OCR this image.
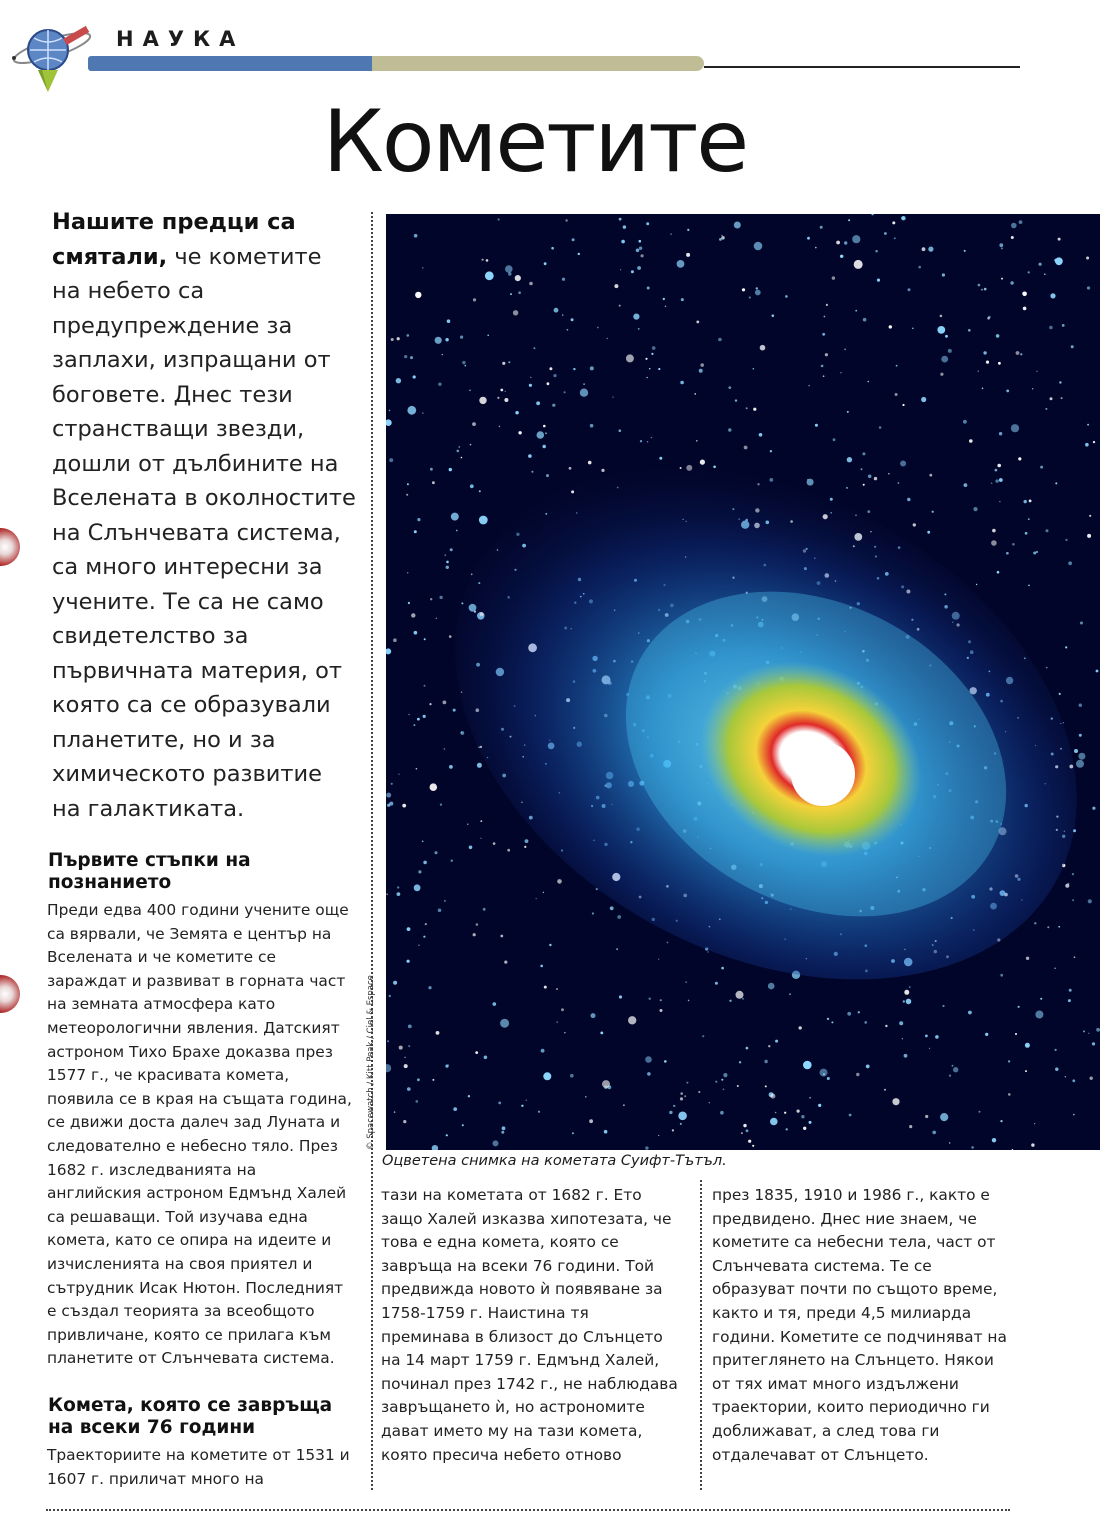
НАУКА
Кометите
Нашите предци са смятали, че кометите на небето са предупреждение за заплахи, изпращани от боговете. Днес тези странстващи звезди, дошли от дълбините на Вселената в околностите на Слънчевата система, са много интересни за учените. Те са не само свидетелство за първичната материя, от която са се образували планетите, но и за химическото развитие на галактиката.
Първите стъпки на познанието
Преди едва 400 години учените още са вярвали, че Земята е център на Вселената и че кометите се зараждат и развиват в горната част на земната атмосфера като метеорологични явления. Датският астроном Тихо Брахе доказва през 1577 г., че красивата комета, появила се в края на същата година, се движи доста далеч зад Луната и следователно е небесно тяло. През 1682 г. изследванията на английския астроном Едмънд Халей са решаващи. Той изучава една комета, като се опира на идеите и изчисленията на своя приятел и сътрудник Исак Нютон. Последният е създал теорията за всеобщото привличане, която се прилага към планетите от Слънчевата система.
Комета, която се завръща на всеки 76 години
Траекториите на кометите от 1531 и 1607 г. приличат много на
тази на кометата от 1682 г. Ето защо Халей изказва хипотезата, че това е една комета, която се завръща на всеки 76 години. Той предвижда новото ѝ появяване за 1758-1759 г. Наистина тя преминава в близост до Слънцето на 14 март 1759 г. Едмънд Халей, починал през 1742 г., не наблюдава завръщането ѝ, но астрономите дават името му на тази комета, която пресича небето отново
през 1835, 1910 и 1986 г., както е предвидено. Днес ние знаем, че кометите са небесни тела, част от Слънчевата система. Те се образуват почти по същото време, както и тя, преди 4,5 милиарда години. Кометите се подчиняват на притеглянето на Слънцето. Някои от тях имат много издължени траектории, които периодично ги доближават, а след това ги отдалечават от Слънцето.
© Spacewatch / Kitt Peak / Ciel & Espace
Оцветена снимка на кометата Суифт-Тътъл.
